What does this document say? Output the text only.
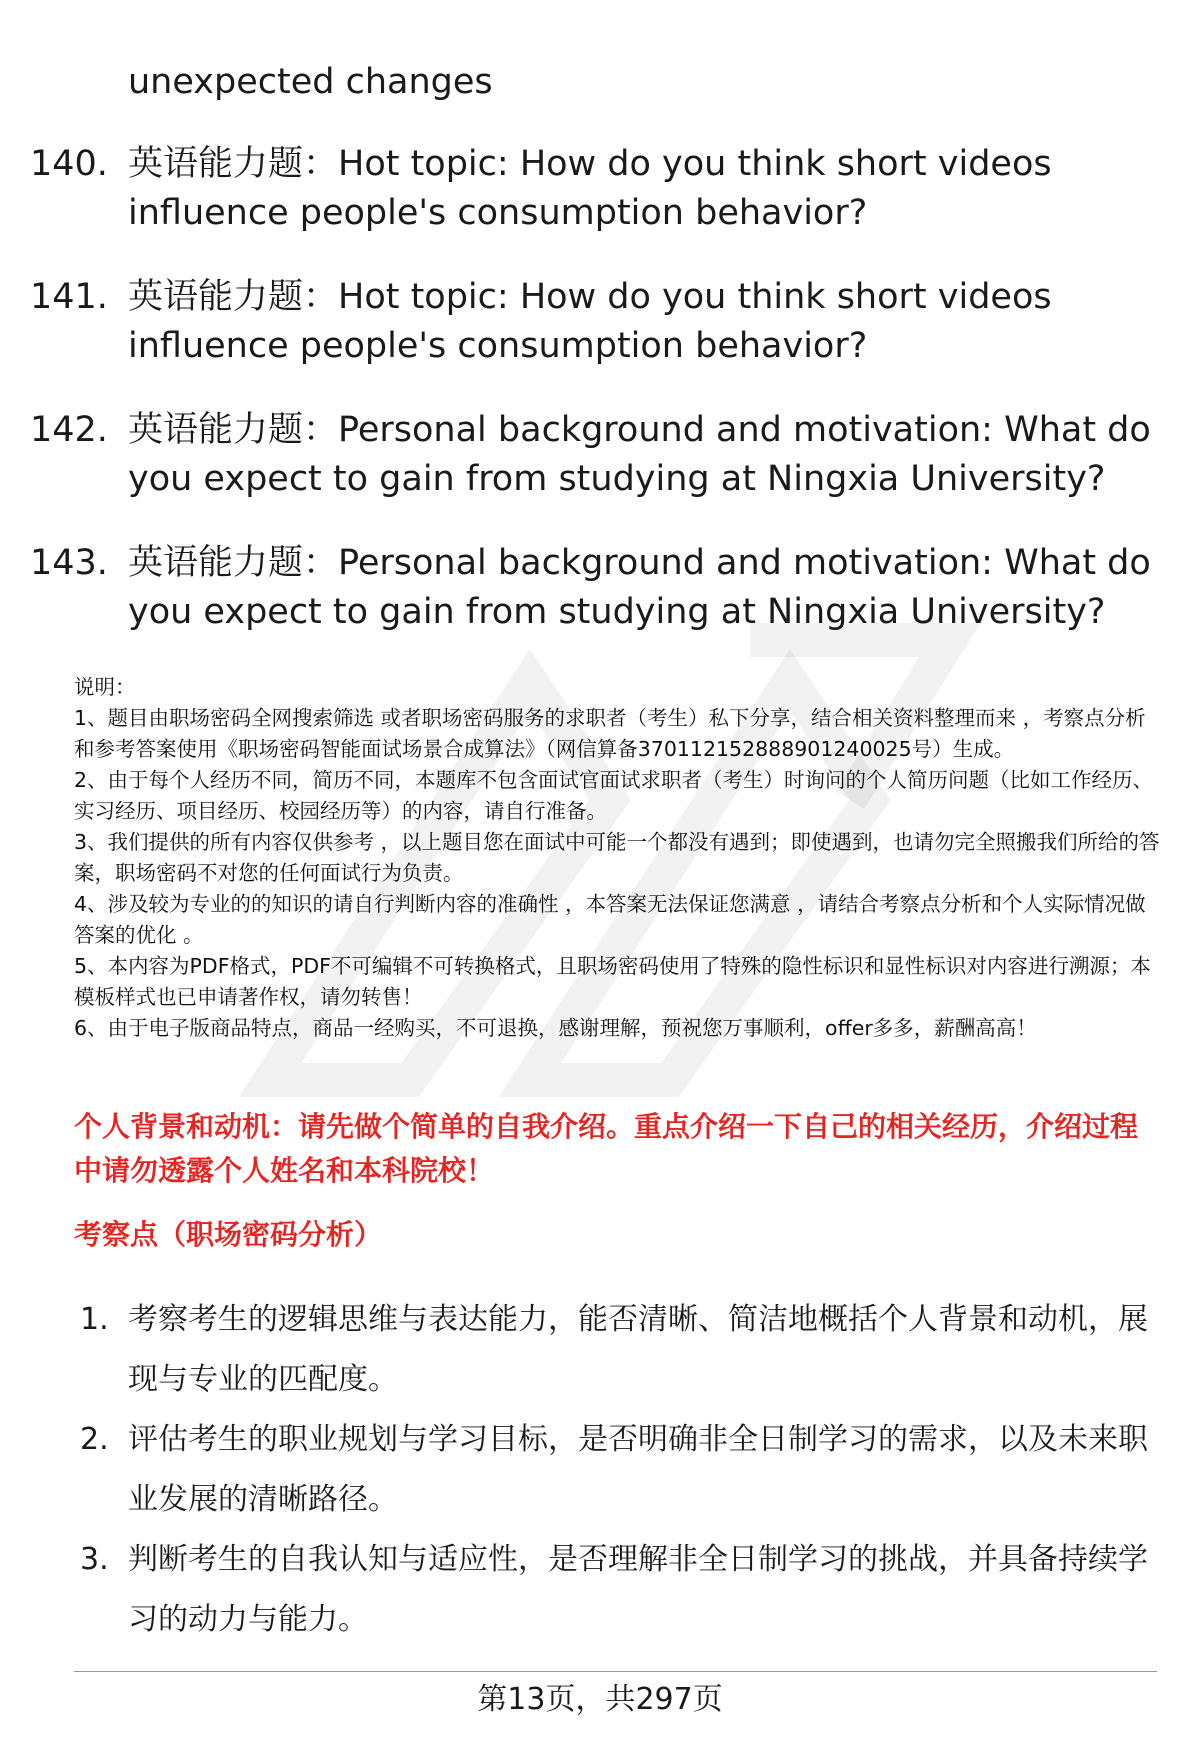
unexpected changes
140. 英语能力题：Hot topic: How do you think short videos influence people's consumption behavior?
141. 英语能力题：Hot topic: How do you think short videos influence people's consumption behavior?
142. 英语能力题：Personal background and motivation: What do you expect to gain from studying at Ningxia University?
143. 英语能力题：Personal background and motivation: What do you expect to gain from studying at Ningxia University?
说明：

1、题目由职场密码全网搜索筛选 或者职场密码服务的求职者（考生）私下分享，结合相关资料整理而来 ，考察点分析和参考答案使用《职场密码智能面试场景合成算法》（网信算备370112152888901240025号）生成。

2、由于每个人经历不同，简历不同，本题库不包含面试官面试求职者（考生）时询问的个人简历问题（比如工作经历、实习经历、项目经历、校园经历等）的内容，请自行准备。

3、我们提供的所有内容仅供参考 ，以上题目您在面试中可能一个都没有遇到；即使遇到，也请勿完全照搬我们所给的答案，职场密码不对您的任何面试行为负责。

4、涉及较为专业的的知识的请自行判断内容的准确性 ，本答案无法保证您满意 ，请结合考察点分析和个人实际情况做答案的优化 。

5、本内容为PDF格式，PDF不可编辑不可转换格式，且职场密码使用了特殊的隐性标识和显性标识对内容进行溯源；本模板样式也已申请著作权，请勿转售！

6、由于电子版商品特点，商品一经购买，不可退换，感谢理解，预祝您万事顺利，offer多多，薪酬高高！

个人背景和动机：请先做个简单的自我介绍。重点介绍一下自己的相关经历，介绍过程中请勿透露个人姓名和本科院校！
考察点（职场密码分析）
1. 考察考生的逻辑思维与表达能力，能否清晰、简洁地概括个人背景和动机，展现与专业的匹配度。
2. 评估考生的职业规划与学习目标，是否明确非全日制学习的需求，以及未来职业发展的清晰路径。
3. 判断考生的自我认知与适应性，是否理解非全日制学习的挑战，并具备持续学习的动力与能力。
第13页，共297页
